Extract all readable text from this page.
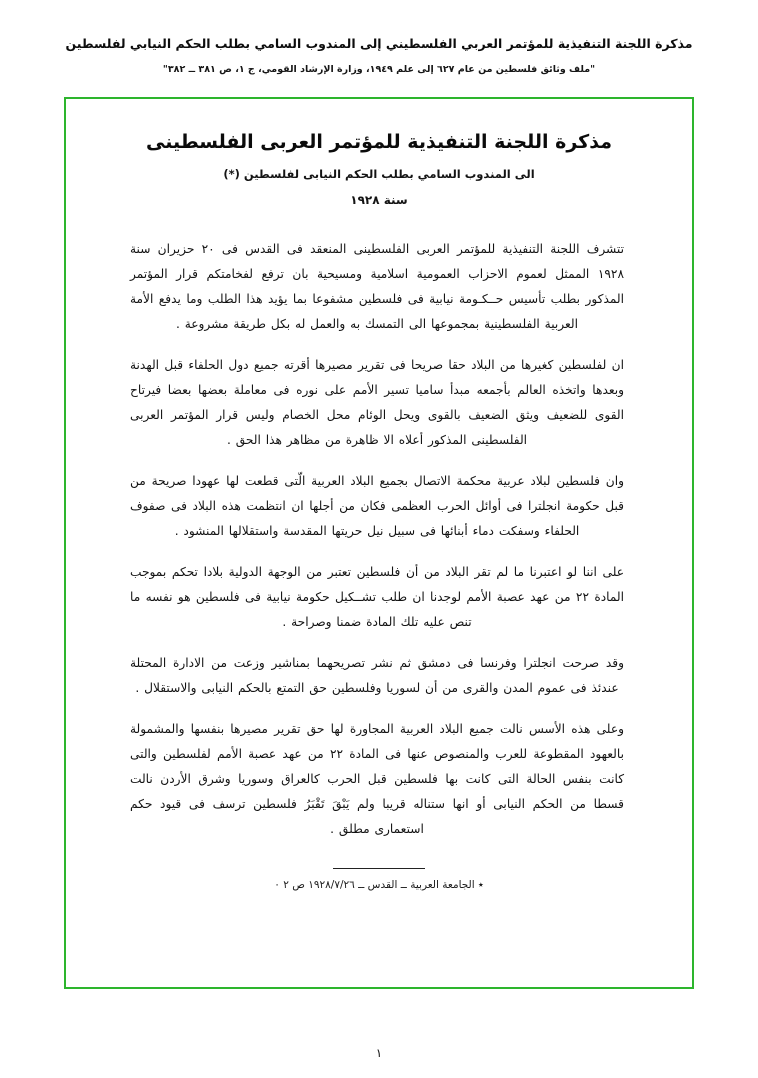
مذكرة اللجنة التنفيذية للمؤتمر العربي الفلسطيني إلى المندوب السامي بطلب الحكم النيابي لفلسطين
"ملف وثائق فلسطين من عام ٦٢٧ إلى علم ١٩٤٩، وزارة الإرشاد القومي، ج ١، ص ٣٨١ ــ ٣٨٢"
مذكرة اللجنة التنفيذية للمؤتمر العربى الفلسطينى
الى المندوب السامي بطلب الحكم النيابى لفلسطين (*)
سنة ١٩٢٨

تتشرف اللجنة التنفيذية للمؤتمر العربى الفلسطينى المنعقد فى القدس فى ٢٠ حزيران سنة ١٩٢٨ الممثل لعموم الاحزاب العمومية اسلامية ومسيحية بان ترفع لفخامتكم قرار المؤتمر المذكور بطلب تأسيس حــكـومة نيابية فى فلسطين مشفوعا بما يؤيد هذا الطلب وما يدفع الأمة العربية الفلسطينية بمجموعها الى التمسك به والعمل له بكل طريقة مشروعة .

ان لفلسطين كغيرها من البلاد حقا صريحا فى تقرير مصيرها أقرته جميع دول الحلفاء قبل الهدنة وبعدها واتخذه العالم بأجمعه مبدأ ساميا تسير الأمم على نوره فى معاملة بعضها بعضا فيرتاح القوى للضعيف ويثق الضعيف بالقوى ويحل الوئام محل الخصام وليس قرار المؤتمر العربى الفلسطينى المذكور أعلاه الا ظاهرة من مظاهر هذا الحق .

وان فلسطين لبلاد عربية محكمة الاتصال بجميع البلاد العربية الّتى قطعت لها عهودا صريحة من قبل حكومة انجلترا فى أوائل الحرب العظمى فكان من أجلها ان انتظمت هذه البلاد فى صفوف الحلفاء وسفكت دماء أبنائها فى سبيل نيل حريتها المقدسة واستقلالها المنشود .

على اننا لو اعتبرنا ما لم تقر البلاد من أن فلسطين تعتبر من الوجهة الدولية بلادا تحكم بموجب المادة ٢٢ من عهد عصبة الأمم لوجدنا ان طلب تشــكيل حكومة نيابية فى فلسطين هو نفسه ما تنص عليه تلك المادة ضمنا وصراحة .

وقد صرحت انجلترا وفرنسا فى دمشق ثم نشر تصريحهما بمناشير وزعت من الادارة المحتلة عندئذ فى عموم المدن والقرى من أن لسوريا وفلسطين حق التمتع بالحكم النيابى والاستقلال .

وعلى هذه الأسس نالت جميع البلاد العربية المجاورة لها حق تقرير مصيرها بنفسها والمشمولة بالعهود المقطوعة للعرب والمنصوص عنها فى المادة ٢٢ من عهد عصبة الأمم لفلسطين والتى كانت بنفس الحالة التى كانت بها فلسطين قبل الحرب كالعراق وسوريا وشرق الأردن نالت قسطا من الحكم النيابى أو انها ستناله قريبا ولم يَبْقَ تَقْبَرُ فلسطين ترسف فى قيود حكم استعمارى مطلق .

٭ الجامعة العربية ــ القدس ــ ١٩٢٨/٧/٢٦ ص ٢ ٠
١
